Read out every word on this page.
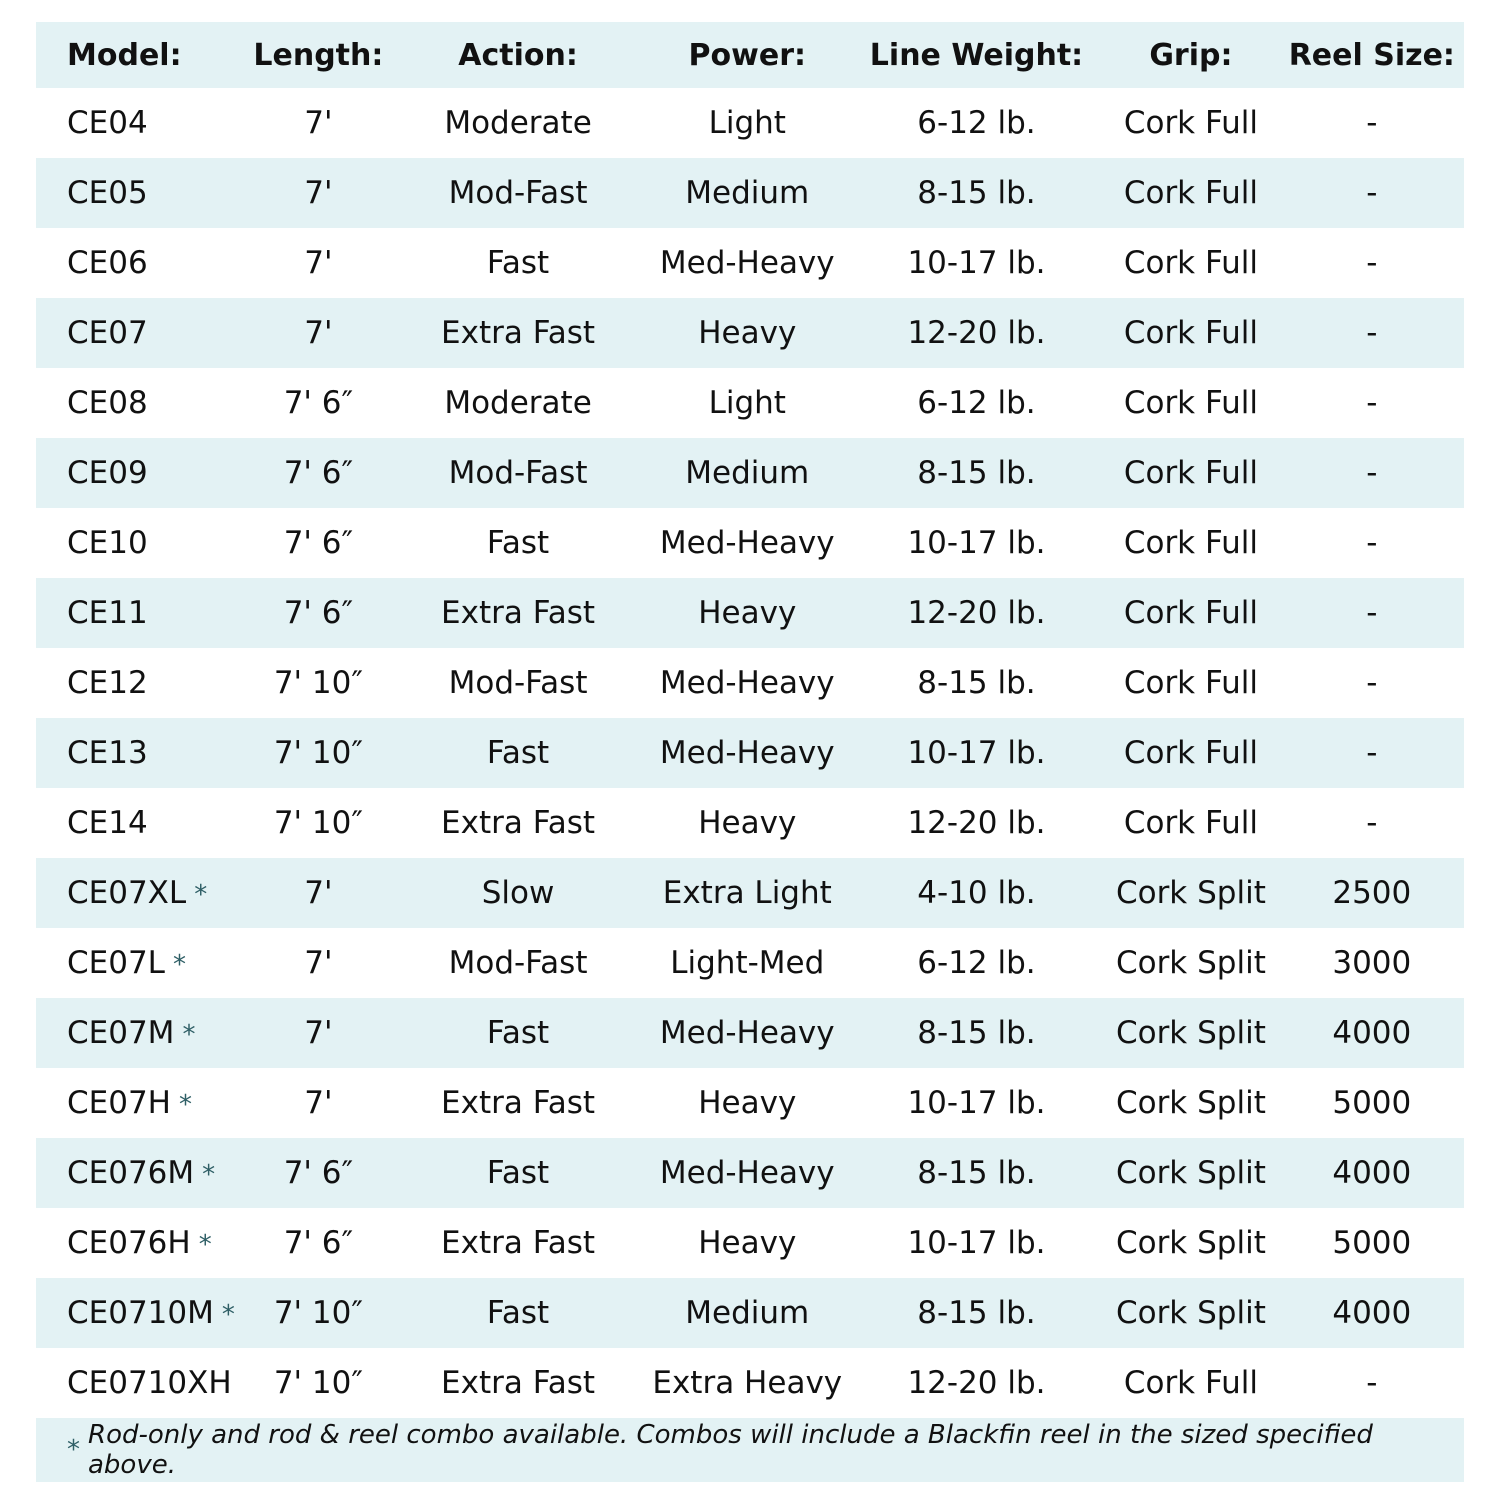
Model:	Length:	Action:	Power:	Line Weight:	Grip:	Reel Size:
CE04	7'	Moderate	Light	6-12 lb.	Cork Full	-
CE05	7'	Mod-Fast	Medium	8-15 lb.	Cork Full	-
CE06	7'	Fast	Med-Heavy	10-17 lb.	Cork Full	-
CE07	7'	Extra Fast	Heavy	12-20 lb.	Cork Full	-
CE08	7' 6″	Moderate	Light	6-12 lb.	Cork Full	-
CE09	7' 6″	Mod-Fast	Medium	8-15 lb.	Cork Full	-
CE10	7' 6″	Fast	Med-Heavy	10-17 lb.	Cork Full	-
CE11	7' 6″	Extra Fast	Heavy	12-20 lb.	Cork Full	-
CE12	7' 10″	Mod-Fast	Med-Heavy	8-15 lb.	Cork Full	-
CE13	7' 10″	Fast	Med-Heavy	10-17 lb.	Cork Full	-
CE14	7' 10″	Extra Fast	Heavy	12-20 lb.	Cork Full	-
CE07XL *	7'	Slow	Extra Light	4-10 lb.	Cork Split	2500
CE07L *	7'	Mod-Fast	Light-Med	6-12 lb.	Cork Split	3000
CE07M *	7'	Fast	Med-Heavy	8-15 lb.	Cork Split	4000
CE07H *	7'	Extra Fast	Heavy	10-17 lb.	Cork Split	5000
CE076M *	7' 6″	Fast	Med-Heavy	8-15 lb.	Cork Split	4000
CE076H *	7' 6″	Extra Fast	Heavy	10-17 lb.	Cork Split	5000
CE0710M *	7' 10″	Fast	Medium	8-15 lb.	Cork Split	4000
CE0710XH	7' 10″	Extra Fast	Extra Heavy	12-20 lb.	Cork Full	-
* Rod-only and rod & reel combo available. Combos will include a Blackfin reel in the sized specified above.
